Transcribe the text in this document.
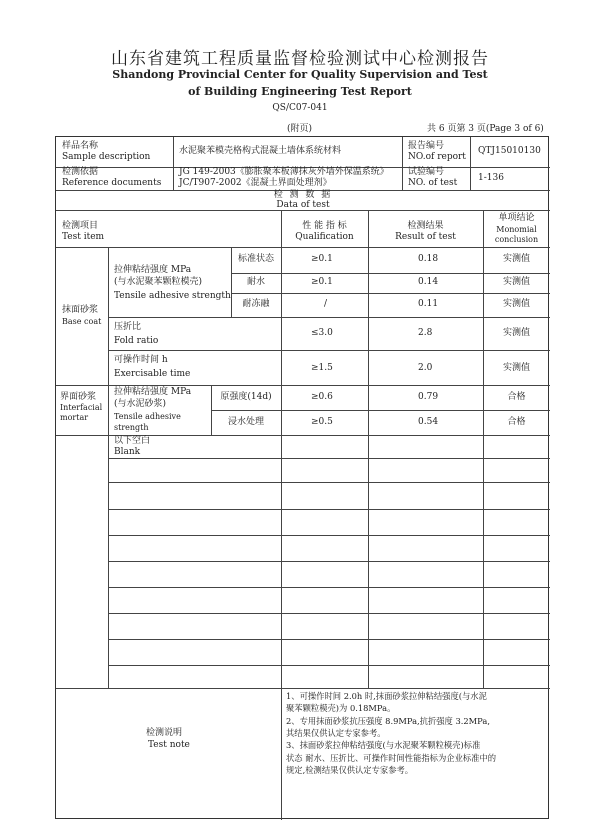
山东省建筑工程质量监督检验测试中心检测报告
Shandong Provincial Center for Quality Supervision and Test
of Building Engineering Test Report
QS/C07-041
(附页)	共 6 页第 3 页(Page 3 of 6)
样品名称
Sample description
水泥聚苯模壳格构式混凝土墙体系统材料	报告编号
NO.of report
QTJ15010130
检测依据
Reference documents
JG 149-2003《膨胀聚苯板薄抹灰外墙外保温系统》
JC/T907-2002《混凝土界面处理剂》
试验编号
NO. of test 1-136
检 测 数 据
Data of test
检测项目
Test item
性 能 指 标
Qualification
检测结果
Result of test
单项结论
Monomial
conclusion
抹面砂浆
Base coat
界面砂浆
Interfacial
mortar
拉伸粘结强度 MPa
(与水泥聚苯颗粒模壳)
Tensile adhesive strength
压折比
Fold ratio
可操作时间 h
Exercisable time
拉伸粘结强度 MPa
(与水泥砂浆)
Tensile adhesive
strength
标准状态
耐水
耐冻融
原强度(14d)
浸水处理
≥0.1
≥0.1
/
≤3.0
≥1.5
≥0.6
≥0.5
0.18
0.14
0.11
2.8
2.0
0.79
0.54
实测值
实测值
实测值
实测值
实测值
合格
合格
以下空白
Blank
检测说明
Test note
1、可操作时间 2.0h 时,抹面砂浆拉伸粘结强度(与水泥
聚苯颗粒模壳)为 0.18MPa。
2、专用抹面砂浆抗压强度 8.9MPa,抗折强度 3.2MPa,
其结果仅供认定专家参考。
3、抹面砂浆拉伸粘结强度(与水泥聚苯颗粒模壳)标准
状态 耐水、压折比、可操作时间性能指标为企业标准中的
规定,检测结果仅供认定专家参考。
